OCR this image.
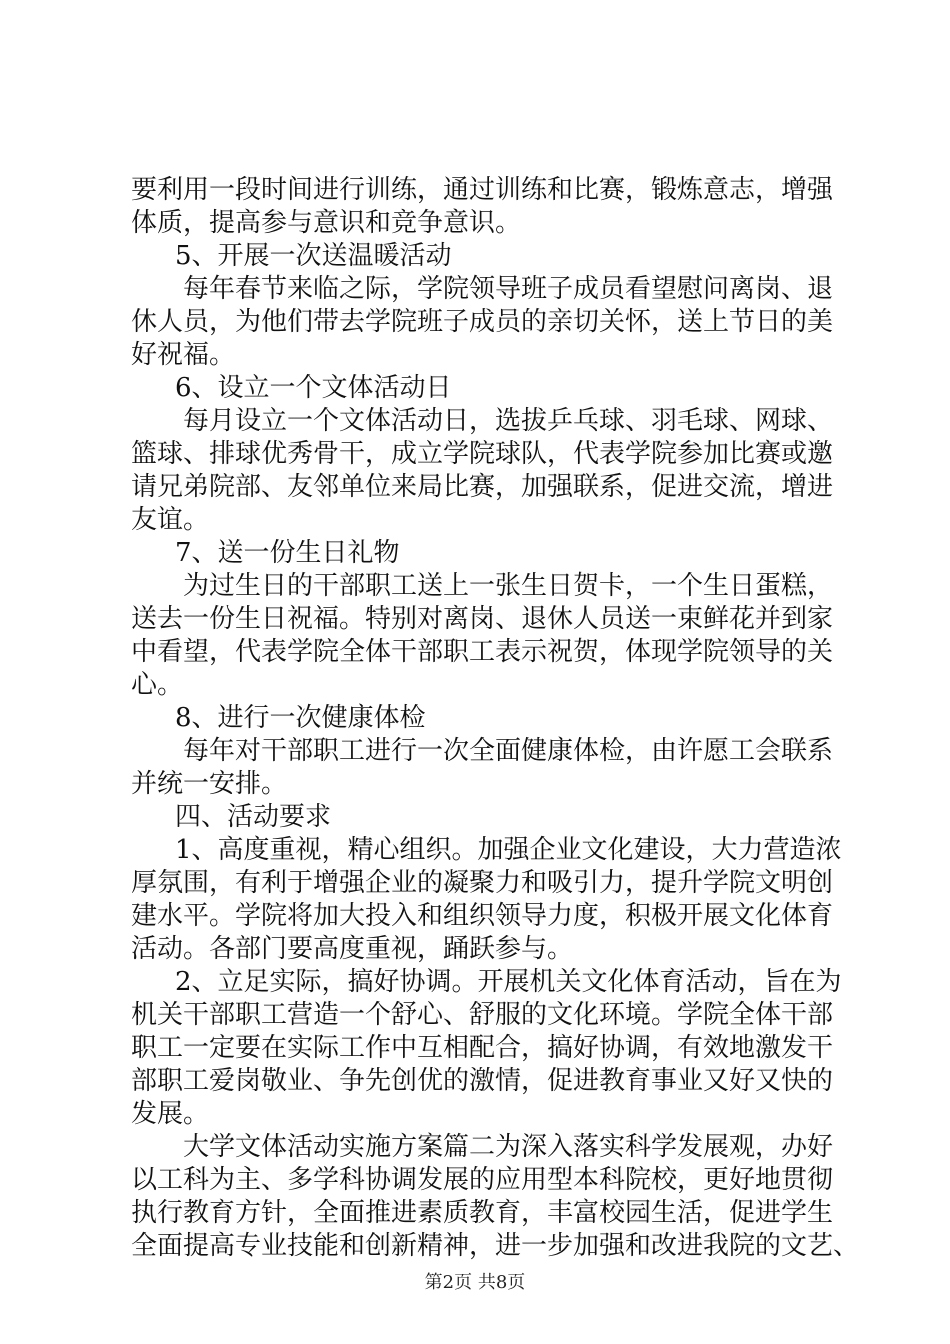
要利用一段时间进行训练，通过训练和比赛，锻炼意志，增强
体质，提高参与意识和竞争意识。
5、开展一次送温暖活动
每年春节来临之际，学院领导班子成员看望慰问离岗、退
休人员，为他们带去学院班子成员的亲切关怀，送上节日的美
好祝福。
6、设立一个文体活动日
每月设立一个文体活动日，选拔乒乓球、羽毛球、网球、
篮球、排球优秀骨干，成立学院球队，代表学院参加比赛或邀
请兄弟院部、友邻单位来局比赛，加强联系，促进交流，增进
友谊。
7、送一份生日礼物
为过生日的干部职工送上一张生日贺卡，一个生日蛋糕，
送去一份生日祝福。特别对离岗、退休人员送一束鲜花并到家
中看望，代表学院全体干部职工表示祝贺，体现学院领导的关
心。
8、进行一次健康体检
每年对干部职工进行一次全面健康体检，由许愿工会联系
并统一安排。
四、活动要求
1、高度重视，精心组织。加强企业文化建设，大力营造浓
厚氛围，有利于增强企业的凝聚力和吸引力，提升学院文明创
建水平。学院将加大投入和组织领导力度，积极开展文化体育
活动。各部门要高度重视，踊跃参与。
2、立足实际，搞好协调。开展机关文化体育活动，旨在为
机关干部职工营造一个舒心、舒服的文化环境。学院全体干部
职工一定要在实际工作中互相配合，搞好协调，有效地激发干
部职工爱岗敬业、争先创优的激情，促进教育事业又好又快的
发展。
大学文体活动实施方案篇二为深入落实科学发展观，办好
以工科为主、多学科协调发展的应用型本科院校，更好地贯彻
执行教育方针，全面推进素质教育，丰富校园生活，促进学生
全面提高专业技能和创新精神，进一步加强和改进我院的文艺、
第2页 共8页
